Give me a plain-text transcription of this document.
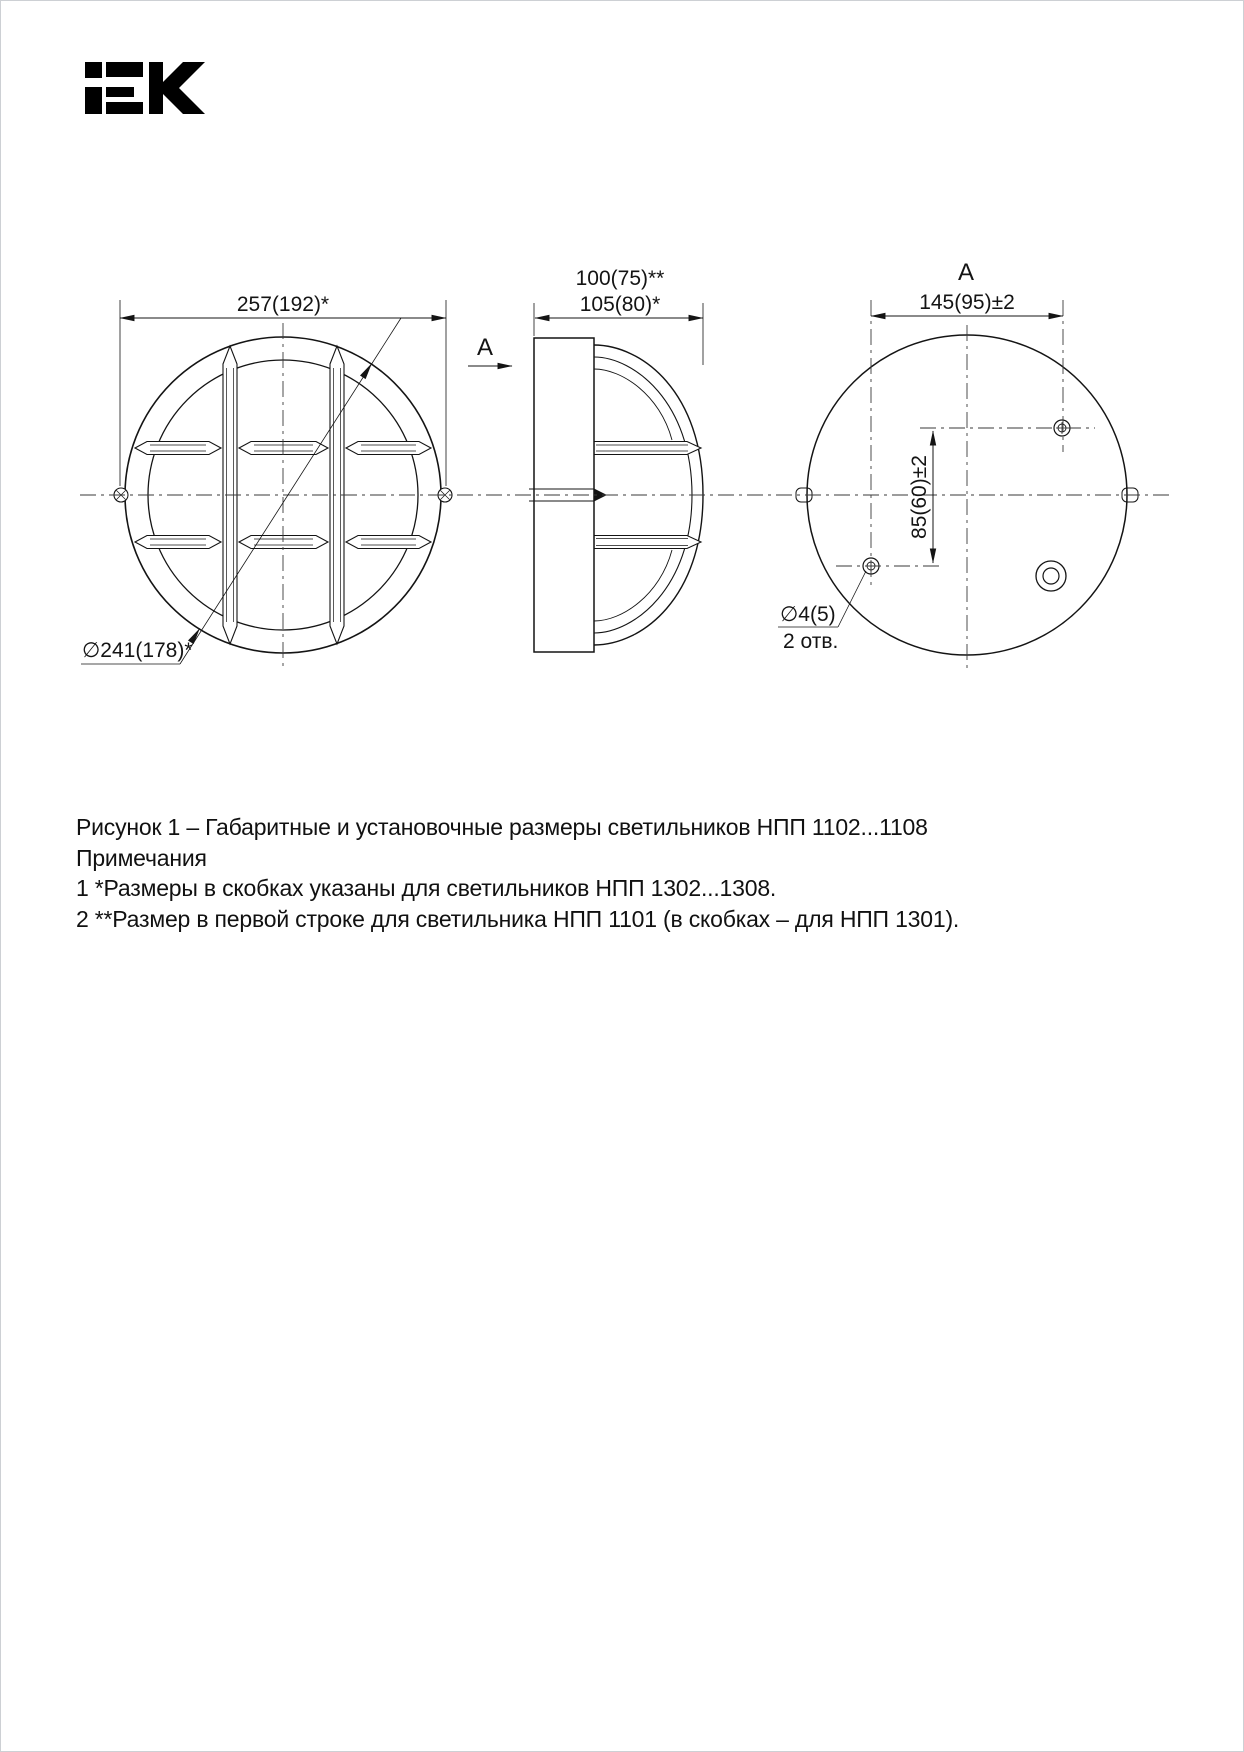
257(192)*
∅241(178)*
100(75)**
105(80)*
A
A
145(95)±2
85(60)±2
∅4(5)
2 отв.

Рисунок 1 – Габаритные и установочные размеры светильников НПП 1102...1108

Примечания

1 *Размеры в скобках указаны для светильников НПП 1302...1308.

2 **Размер в первой строке для светильника НПП 1101 (в скобках – для НПП 1301).
